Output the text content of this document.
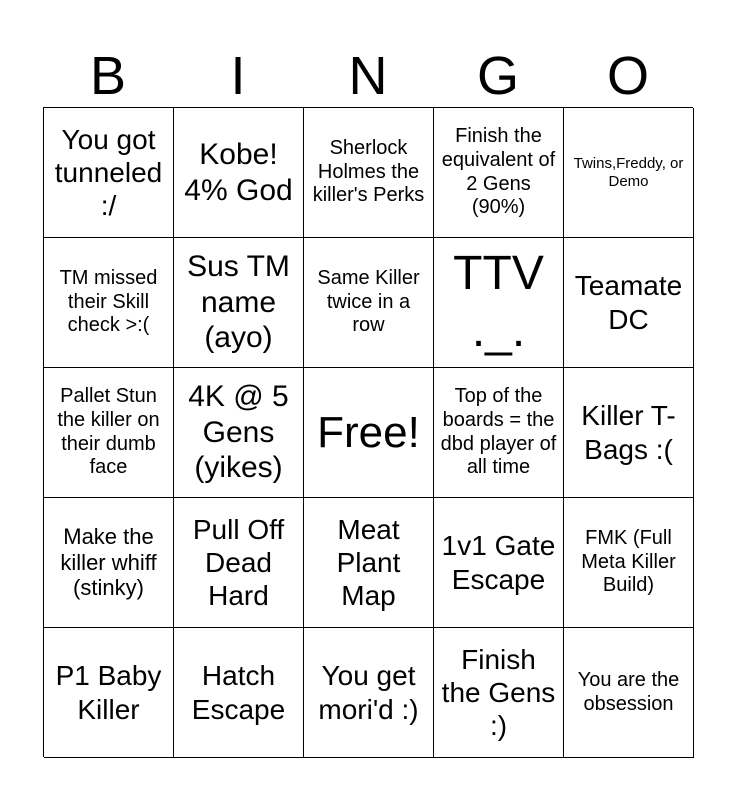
B	I	N	G	O
You got tunneled :/
Kobe! 4% God
Sherlock Holmes the killer's Perks
Finish the equivalent of 2 Gens (90%)
Twins,Freddy, or Demo
TM missed their Skill check >:(
Sus TM name (ayo)
Same Killer twice in a row
TTV ._.
Teamate DC
Pallet Stun the killer on their dumb face
4K @ 5 Gens (yikes)
Free!
Top of the boards = the dbd player of all time
Killer T-Bags :(
Make the killer whiff (stinky)
Pull Off Dead Hard
Meat Plant Map
1v1 Gate Escape
FMK (Full Meta Killer Build)
P1 Baby Killer
Hatch Escape
You get mori'd :)
Finish the Gens :)
You are the obsession
